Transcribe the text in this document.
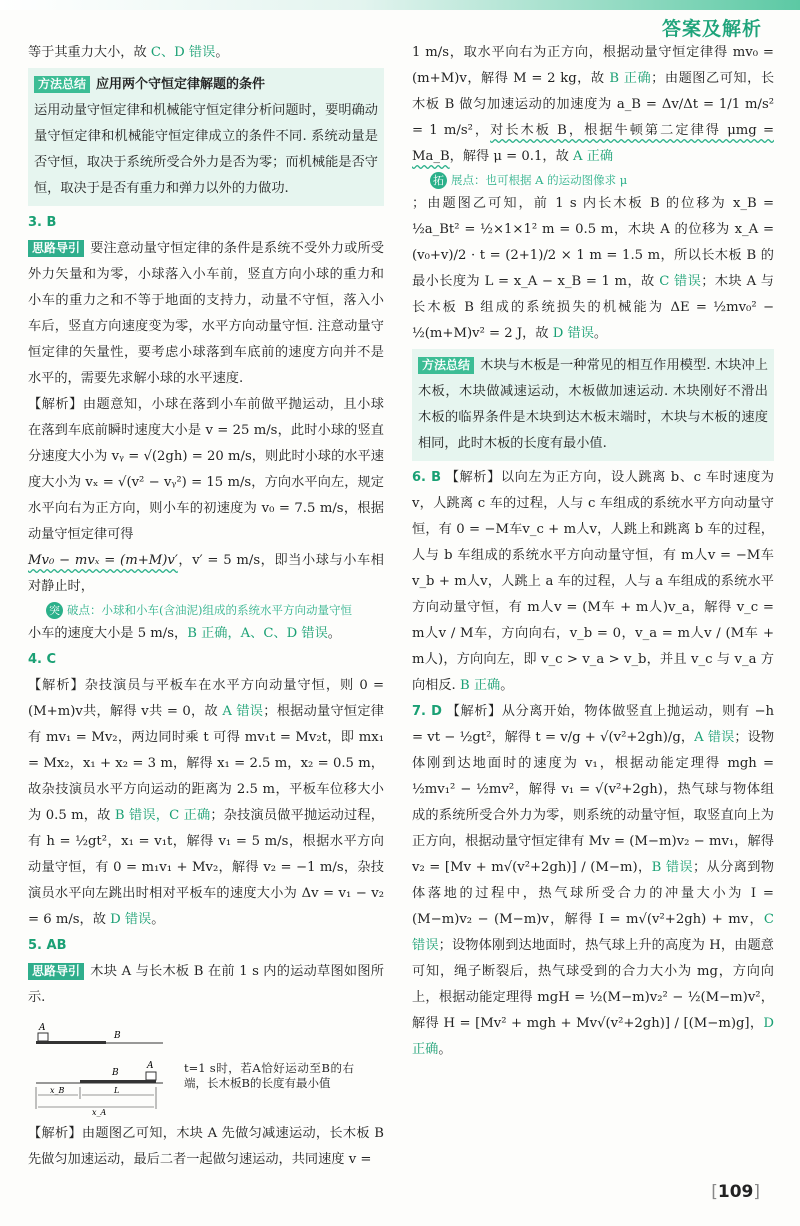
答案及解析

等于其重力大小，故 C、D 错误。

方法总结 应用两个守恒定律解题的条件

运用动量守恒定律和机械能守恒定律分析问题时，要明确动量守恒定律和机械能守恒定律成立的条件不同. 系统动量是否守恒，取决于系统所受合外力是否为零；而机械能是否守恒，取决于是否有重力和弹力以外的力做功.

3. B

思路导引 要注意动量守恒定律的条件是系统不受外力或所受外力矢量和为零，小球落入小车前，竖直方向小球的重力和小车的重力之和不等于地面的支持力，动量不守恒，落入小车后，竖直方向速度变为零，水平方向动量守恒. 注意动量守恒定律的矢量性，要考虑小球落到车底前的速度方向并不是水平的，需要先求解小球的水平速度.

【解析】由题意知，小球在落到小车前做平抛运动，且小球在落到车底前瞬时速度大小是 v = 25 m/s，此时小球的竖直分速度大小为 vᵧ = √(2gh) = 20 m/s，则此时小球的水平速度大小为 vₓ = √(v² − vᵧ²) = 15 m/s，方向水平向左，规定水平向右为正方向，则小车的初速度为 v₀ = 7.5 m/s，根据动量守恒定律可得

Mv₀ − mvₓ = (m+M)v′，v′ = 5 m/s，即当小球与小车相对静止时，

突 破点：小球和小车(含油泥)组成的系统水平方向动量守恒

小车的速度大小是 5 m/s，B 正确，A、C、D 错误。

4. C

【解析】杂技演员与平板车在水平方向动量守恒，则 0 = (M+m)v共，解得 v共 = 0，故 A 错误；根据动量守恒定律有 mv₁ = Mv₂，两边同时乘 t 可得 mv₁t = Mv₂t，即 mx₁ = Mx₂，x₁ + x₂ = 3 m，解得 x₁ = 2.5 m，x₂ = 0.5 m，故杂技演员水平方向运动的距离为 2.5 m，平板车位移大小为 0.5 m，故 B 错误，C 正确；杂技演员做平抛运动过程，有 h = ½gt²，x₁ = v₁t，解得 v₁ = 5 m/s，根据水平方向动量守恒，有 0 = m₁v₁ + Mv₂，解得 v₂ = −1 m/s，杂技演员水平向左跳出时相对平板车的速度大小为 Δv = v₁ − v₂ = 6 m/s，故 D 错误。

5. AB

思路导引 木块 A 与长木板 B 在前 1 s 内的运动草图如图所示.

A
B
A
B
x_B	L
x_A
t=1 s时，若A恰好运动至B的右端，长木板B的长度有最小值

【解析】由题图乙可知，木块 A 先做匀减速运动，长木板 B 先做匀加速运动，最后二者一起做匀速运动，共同速度 v =

1 m/s，取水平向右为正方向，根据动量守恒定律得 mv₀ = (m+M)v，解得 M = 2 kg，故 B 正确；由题图乙可知，长木板 B 做匀加速运动的加速度为 a_B = Δv/Δt = 1/1 m/s² = 1 m/s²，对长木板 B，根据牛顿第二定律得 μmg = Ma_B，解得 μ = 0.1，故 A 正确

拓 展点：也可根据 A 的运动图像求 μ

；由题图乙可知，前 1 s 内长木板 B 的位移为 x_B = ½a_Bt² = ½×1×1² m = 0.5 m，木块 A 的位移为 x_A = (v₀+v)/2 · t = (2+1)/2 × 1 m = 1.5 m，所以长木板 B 的最小长度为 L = x_A − x_B = 1 m，故 C 错误；木块 A 与长木板 B 组成的系统损失的机械能为 ΔE = ½mv₀² − ½(m+M)v² = 2 J，故 D 错误。

方法总结 木块与木板是一种常见的相互作用模型. 木块冲上木板，木块做减速运动，木板做加速运动. 木块刚好不滑出木板的临界条件是木块到达木板末端时，木块与木板的速度相同，此时木板的长度有最小值.

6. B 【解析】以向左为正方向，设人跳离 b、c 车时速度为 v，人跳离 c 车的过程，人与 c 车组成的系统水平方向动量守恒，有 0 = −M车v_c + m人v，人跳上和跳离 b 车的过程，人与 b 车组成的系统水平方向动量守恒，有 m人v = −M车v_b + m人v，人跳上 a 车的过程，人与 a 车组成的系统水平方向动量守恒，有 m人v = (M车 + m人)v_a，解得 v_c = m人v / M车，方向向右，v_b = 0，v_a = m人v / (M车 + m人)，方向向左，即 v_c > v_a > v_b，并且 v_c 与 v_a 方向相反. B 正确。

7. D 【解析】从分离开始，物体做竖直上抛运动，则有 −h = vt − ½gt²，解得 t = v/g + √(v²+2gh)/g，A 错误；设物体刚到达地面时的速度为 v₁，根据动能定理得 mgh = ½mv₁² − ½mv²，解得 v₁ = √(v²+2gh)，热气球与物体组成的系统所受合外力为零，则系统的动量守恒，取竖直向上为正方向，根据动量守恒定律有 Mv = (M−m)v₂ − mv₁，解得 v₂ = [Mv + m√(v²+2gh)] / (M−m)，B 错误；从分离到物体落地的过程中，热气球所受合力的冲量大小为 I = (M−m)v₂ − (M−m)v，解得 I = m√(v²+2gh) + mv，C 错误；设物体刚到达地面时，热气球上升的高度为 H，由题意可知，绳子断裂后，热气球受到的合力大小为 mg，方向向上，根据动能定理得 mgH = ½(M−m)v₂² − ½(M−m)v²，解得 H = [Mv² + mgh + Mv√(v²+2gh)] / [(M−m)g]，D 正确。

[109]
